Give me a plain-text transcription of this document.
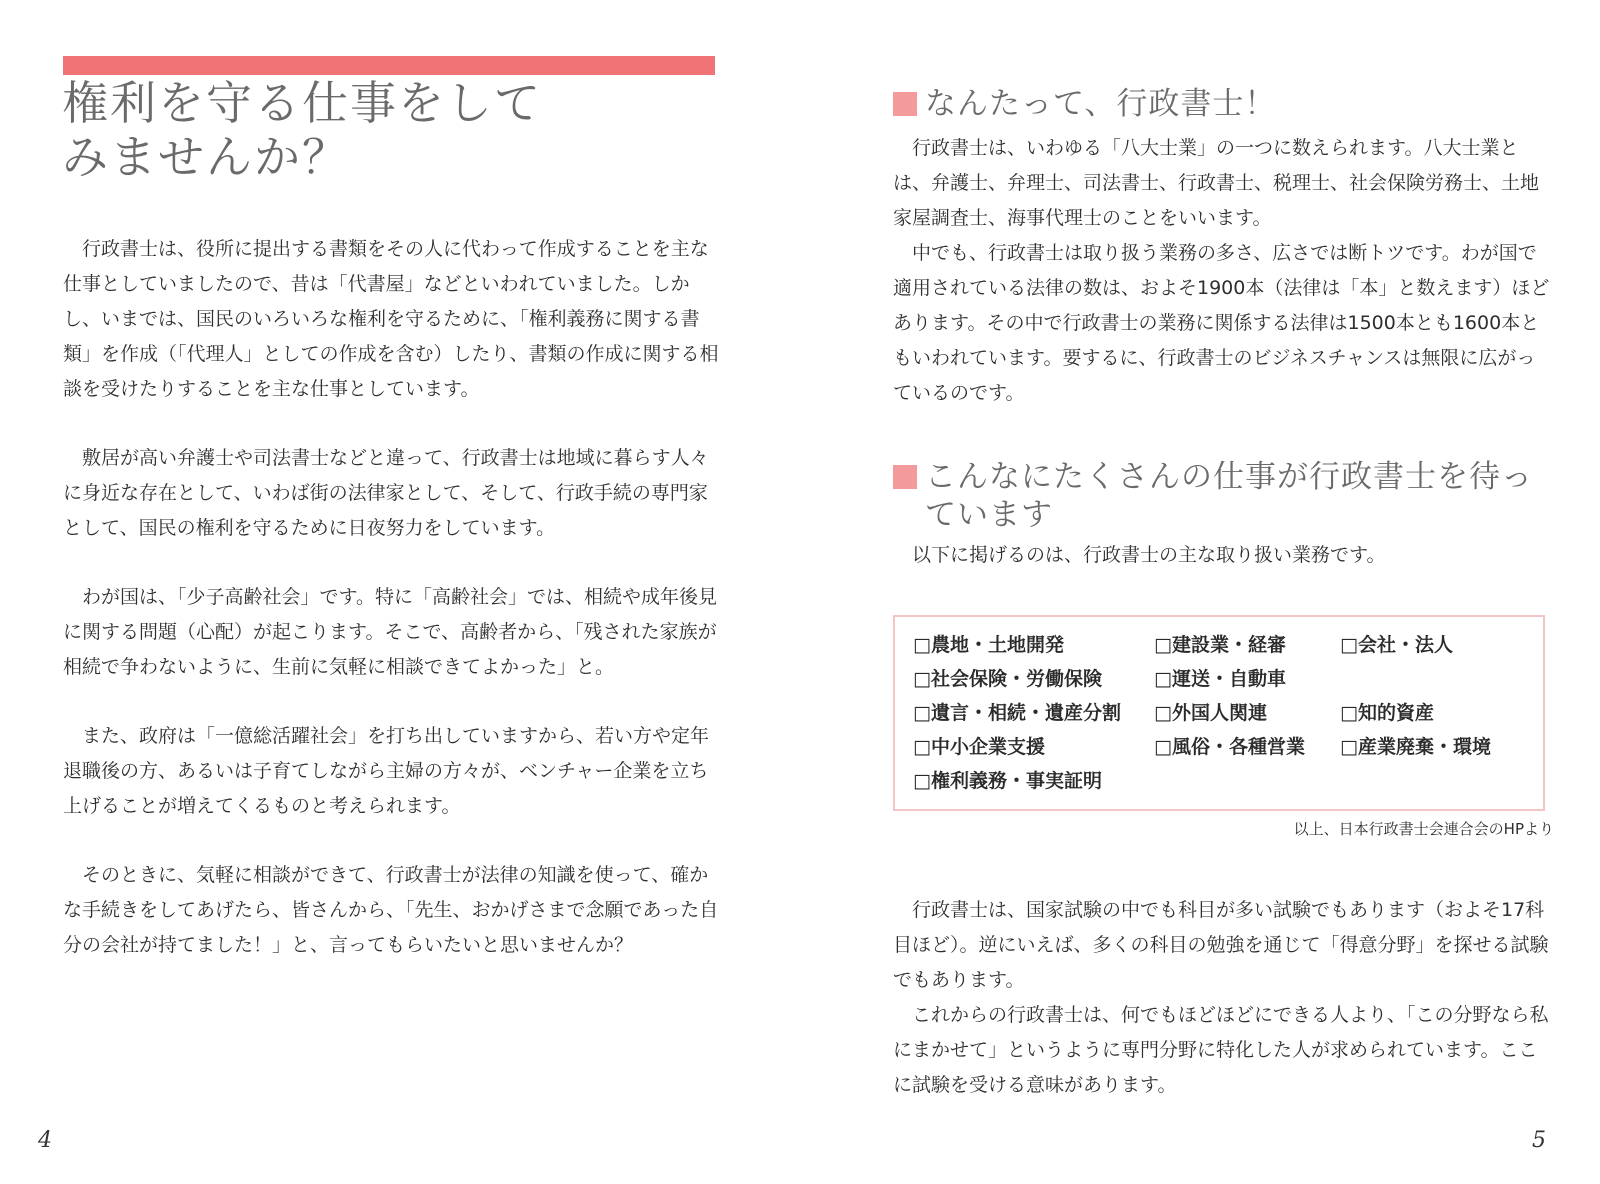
権利を守る仕事をして
みませんか？

行政書士は、役所に提出する書類をその人に代わって作成することを主な仕事としていましたので、昔は「代書屋」などといわれていました。しかし、いまでは、国民のいろいろな権利を守るために、「権利義務に関する書類」を作成（「代理人」としての作成を含む）したり、書類の作成に関する相談を受けたりすることを主な仕事としています。

敷居が高い弁護士や司法書士などと違って、行政書士は地域に暮らす人々に身近な存在として、いわば街の法律家として、そして、行政手続の専門家として、国民の権利を守るために日夜努力をしています。

わが国は、「少子高齢社会」です。特に「高齢社会」では、相続や成年後見に関する問題（心配）が起こります。そこで、高齢者から、「残された家族が相続で争わないように、生前に気軽に相談できてよかった」と。

また、政府は「一億総活躍社会」を打ち出していますから、若い方や定年退職後の方、あるいは子育てしながら主婦の方々が、ベンチャー企業を立ち上げることが増えてくるものと考えられます。

そのときに、気軽に相談ができて、行政書士が法律の知識を使って、確かな手続きをしてあげたら、皆さんから、「先生、おかげさまで念願であった自分の会社が持てました！」と、言ってもらいたいと思いませんか？

4
なんたって、行政書士！

行政書士は、いわゆる「八大士業」の一つに数えられます。八大士業とは、弁護士、弁理士、司法書士、行政書士、税理士、社会保険労務士、土地家屋調査士、海事代理士のことをいいます。

中でも、行政書士は取り扱う業務の多さ、広さでは断トツです。わが国で適用されている法律の数は、およそ1900本（法律は「本」と数えます）ほどあります。その中で行政書士の業務に関係する法律は1500本とも1600本ともいわれています。要するに、行政書士のビジネスチャンスは無限に広がっているのです。

こんなにたくさんの仕事が行政書士を待っ
ています

以下に掲げるのは、行政書士の主な取り扱い業務です。

□農地・土地開発	□建設業・経審	□会社・法人
□社会保険・労働保険	□運送・自動車
□遺言・相続・遺産分割 □外国人関連	□知的資産
□中小企業支援	□風俗・各種営業 □産業廃棄・環境
□権利義務・事実証明
以上、日本行政書士会連合会のHPより

行政書士は、国家試験の中でも科目が多い試験でもあります（およそ17科目ほど）。逆にいえば、多くの科目の勉強を通じて「得意分野」を探せる試験でもあります。

これからの行政書士は、何でもほどほどにできる人より、「この分野なら私にまかせて」というように専門分野に特化した人が求められています。ここに試験を受ける意味があります。

5
